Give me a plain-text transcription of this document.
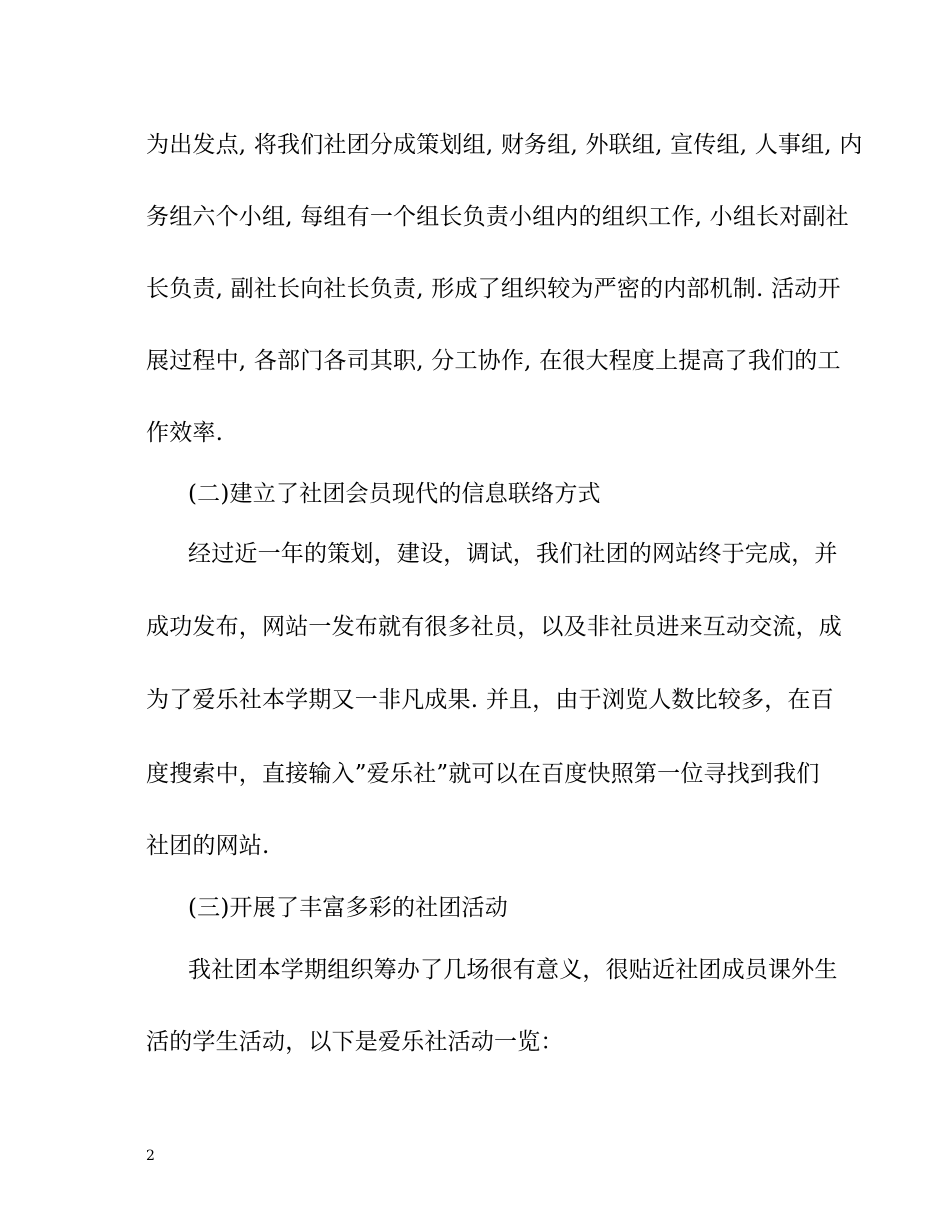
为出发点, 将我们社团分成策划组, 财务组, 外联组, 宣传组, 人事组, 内
务组六个小组, 每组有一个组长负责小组内的组织工作, 小组长对副社
长负责, 副社长向社长负责, 形成了组织较为严密的内部机制. 活动开
展过程中, 各部门各司其职, 分工协作, 在很大程度上提高了我们的工
作效率.
(二)建立了社团会员现代的信息联络方式
经过近一年的策划，建设，调试，我们社团的网站终于完成，并
成功发布，网站一发布就有很多社员，以及非社员进来互动交流，成
为了爱乐社本学期又一非凡成果. 并且，由于浏览人数比较多，在百
度搜索中，直接输入”爱乐社”就可以在百度快照第一位寻找到我们
社团的网站.
(三)开展了丰富多彩的社团活动
我社团本学期组织筹办了几场很有意义，很贴近社团成员课外生
活的学生活动，以下是爱乐社活动一览：
2
